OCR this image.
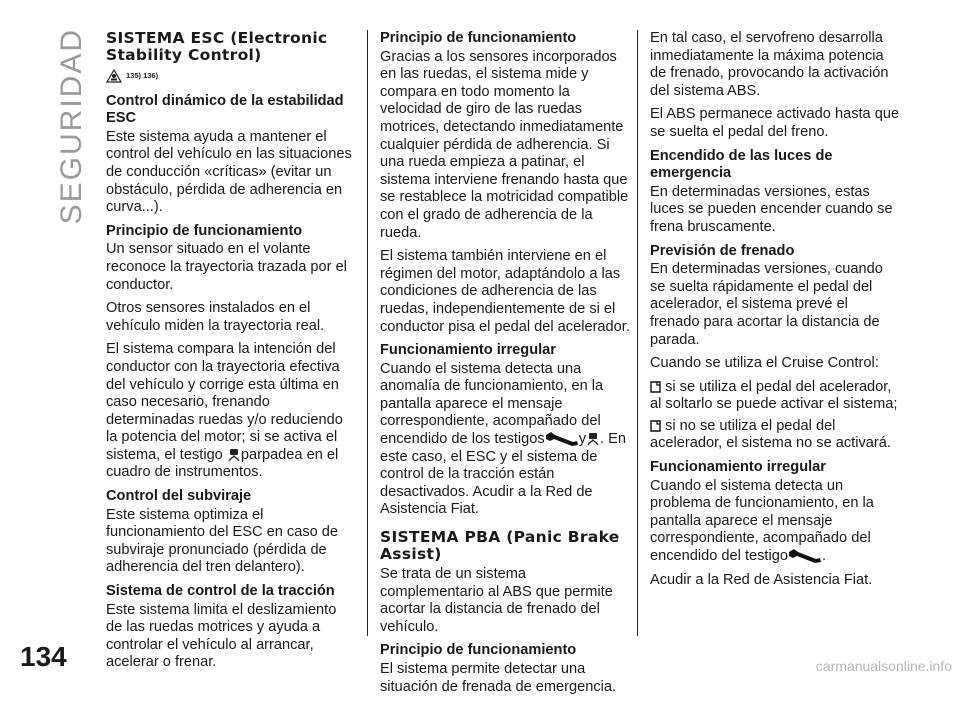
SEGURIDAD SISTEMA ESC (Electronic Stability Control)
135) 136)
Control dinámico de la estabilidad ESC

Este sistema ayuda a mantener el control del vehículo en las situaciones de conducción «críticas» (evitar un obstáculo, pérdida de adherencia en curva...).

Principio de funcionamiento

Un sensor situado en el volante reconoce la trayectoria trazada por el conductor.

Otros sensores instalados en el vehículo miden la trayectoria real.

El sistema compara la intención del conductor con la trayectoria efectiva del vehículo y corrige esta última en caso necesario, frenando determinadas ruedas y/o reduciendo la potencia del motor; si se activa el sistema, el testigo
parpadea en el cuadro de instrumentos.

Control del subviraje

Este sistema optimiza el funcionamiento del ESC en caso de subviraje pronunciado (pérdida de adherencia del tren delantero).

Sistema de control de la tracción

Este sistema limita el deslizamiento de las ruedas motrices y ayuda a controlar el vehículo al arrancar, acelerar o frenar.

Principio de funcionamiento

Gracias a los sensores incorporados en las ruedas, el sistema mide y compara en todo momento la velocidad de giro de las ruedas motrices, detectando inmediatamente cualquier pérdida de adherencia. Si una rueda empieza a patinar, el sistema interviene frenando hasta que se restablece la motricidad compatible con el grado de adherencia de la rueda.

El sistema también interviene en el régimen del motor, adaptándolo a las condiciones de adherencia de las ruedas, independientemente de si el conductor pisa el pedal del acelerador.

Funcionamiento irregular

Cuando el sistema detecta una anomalía de funcionamiento, en la pantalla aparece el mensaje correspondiente, acompañado del encendido de los testigos y . En este caso, el ESC y el sistema de control de la tracción están desactivados. Acudir a la Red de Asistencia Fiat.

SISTEMA PBA (Panic Brake Assist)

Se trata de un sistema complementario al ABS que permite acortar la distancia de frenado del vehículo.

Principio de funcionamiento

El sistema permite detectar una situación de frenada de emergencia.

En tal caso, el servofreno desarrolla inmediatamente la máxima potencia de frenado, provocando la activación del sistema ABS.

El ABS permanece activado hasta que se suelta el pedal del freno.

Encendido de las luces de emergencia

En determinadas versiones, estas luces se pueden encender cuando se frena bruscamente.

Previsión de frenado

En determinadas versiones, cuando se suelta rápidamente el pedal del acelerador, el sistema prevé el frenado para acortar la distancia de parada.

Cuando se utiliza el Cruise Control:

si se utiliza el pedal del acelerador, al soltarlo se puede activar el sistema;

si no se utiliza el pedal del acelerador, el sistema no se activará.

Funcionamiento irregular

Cuando el sistema detecta un problema de funcionamiento, en la pantalla aparece el mensaje correspondiente, acompañado del encendido del testigo .

Acudir a la Red de Asistencia Fiat.

134	carmanualsonline.info
